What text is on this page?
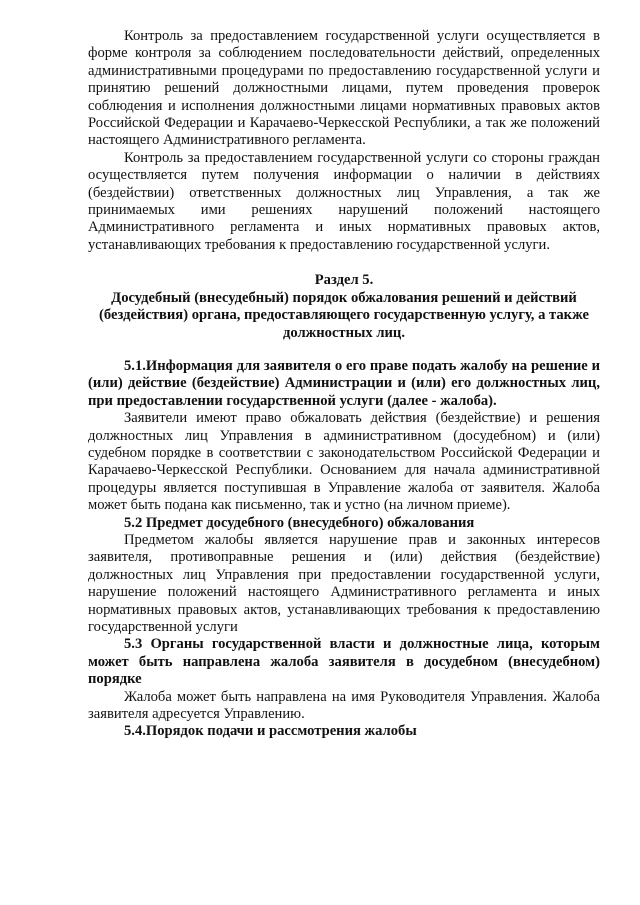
Контроль за предоставлением государственной услуги осуществляется в форме контроля за соблюдением последовательности действий, определенных административными процедурами по предоставлению государственной услуги и принятию решений должностными лицами, путем проведения проверок соблюдения и исполнения должностными лицами нормативных правовых актов Российской Федерации и Карачаево-Черкесской Республики, а так же положений настоящего Административного регламента.

Контроль за предоставлением государственной услуги со стороны граждан осуществляется путем получения информации о наличии в действиях (бездействии) ответственных должностных лиц Управления, а так же принимаемых ими решениях нарушений положений настоящего Административного регламента и иных нормативных правовых актов, устанавливающих требования к предоставлению государственной услуги.

Раздел 5.

Досудебный (внесудебный) порядок обжалования решений и действий (бездействия) органа, предоставляющего государственную услугу, а также должностных лиц.

5.1.Информация для заявителя о его праве подать жалобу на решение и (или) действие (бездействие) Администрации и (или) его должностных лиц, при предоставлении государственной услуги (далее - жалоба).

Заявители имеют право обжаловать действия (бездействие) и решения должностных лиц Управления в административном (досудебном) и (или) судебном порядке в соответствии с законодательством Российской Федерации и Карачаево-Черкесской Республики. Основанием для начала административной процедуры является поступившая в Управление жалоба от заявителя. Жалоба может быть подана как письменно, так и устно (на личном приеме).

5.2 Предмет досудебного (внесудебного) обжалования

Предметом жалобы является нарушение прав и законных интересов заявителя, противоправные решения и (или) действия (бездействие) должностных лиц Управления при предоставлении государственной услуги, нарушение положений настоящего Административного регламента и иных нормативных правовых актов, устанавливающих требования к предоставлению государственной услуги

5.3 Органы государственной власти и должностные лица, которым может быть направлена жалоба заявителя в досудебном (внесудебном) порядке

Жалоба может быть направлена на имя Руководителя Управления. Жалоба заявителя адресуется Управлению.

5.4.Порядок подачи и рассмотрения жалобы
